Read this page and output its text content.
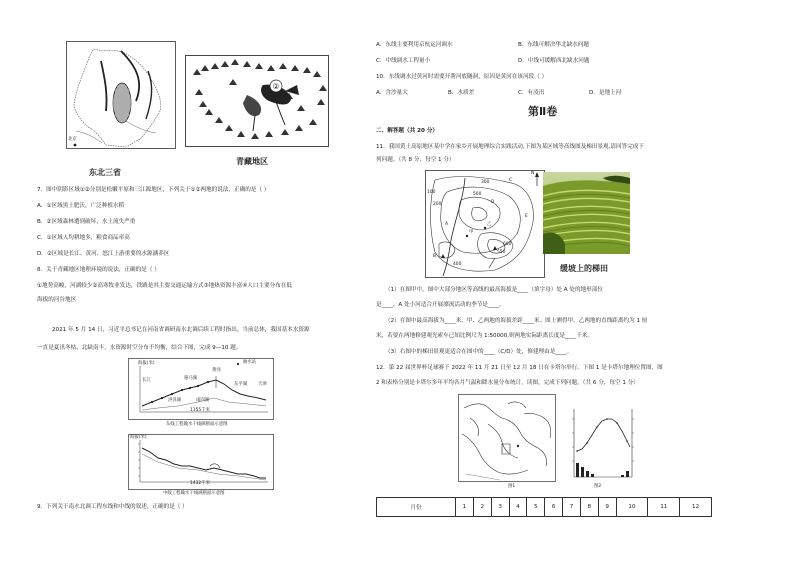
北京
东北三省
②
青藏地区
7．图中阴影区域①②分别是松嫩平原和三江源地区，下列关于①②两地的说法，正确的是（ ）
A．①区域黑土肥沃，广泛种植水稻
B．②区域森林遭到破坏，水土流失严重
C．①区域人均耕地多，粮食商品率高
D．②区域是长江、黄河、怒江上游重要的水源涵养区
8．关于青藏地区地理环境的说法，正确的是（ ）
①地势高峻，河湖较少②高寒牧业发达，铁路是其主要交通运输方式③地热资源丰富④人口主要分布在低
海拔的河谷地区
2021 年 5 月 14 日，习近平总书记在河南省调研南水北调后续工程时指出，当前总体，我国基本水资源
一直是夏汛冬枯、北缺南丰，水资源时空分布不均衡，结合下图，完成 9—10 题。
抽水站
海拔(米)
长江
洪泽湖
骆马湖
南四湖
东平湖
黄河
天津
1155千米
东线工程输水干线纵断面示意图
海拔(米)
1432千米
中线工程输水干线纵断面示意图
9．下列关于南水北调工程东线和中线的叙述，正确的是（ ）
A．东线主要利用京杭运河调水	B．东线可解决华北缺水问题
C．中线调水工程量小	D．中线可缓解西北缺水问题
10．东线调水过黄河时需要开凿河底隧洞，原因是黄河在该河段（ ）
A．含沙量大	B．水质差	C．有凌汛	D．是地上河
第Ⅱ卷
二、解答题（共 20 分）
11．我国黄土高原地区某中学在家乡开展地理综合实践活动,下图为某区域等高线图及梯田景观,请回答完成下
列问题。（共 8 分，每空 1 分）
N
100
200
300
500
甲
乙
A
B
C
D
E
550
600
400	缓坡上的梯田
（1）在图甲中，图中大部分地区等高线的最高海拔是____（填字母）处 A 处的地形部位
是____。A 处小河适合开展漂流活动的季节是____。
（2）在图中最高海拔为____米，甲、乙两地的海拔差距____米。图上测得甲、乙两地的直线距离约为 1 厘
米，若要在两地修建观光索车已知比例尺为 1:50000,则两地实际距离长度是____千米。
（3）右图中的梯田景观更适合在图中的____（C/D）处，修建理由是____。
12．第 22 届世界杯足球赛于 2022 年 11 月 21 日至 12 月 18 日在卡塔尔举行。下图 1 是卡塔尔地理位置图，图
2 和表格分别是卡塔尔多年平均各月气温和降水量分布统计。读图，完成下列问题。（共 6 分，每空 1 分）
图1	图2
月份	1	2	3	4	5	6	7	8	9	10	11	12
